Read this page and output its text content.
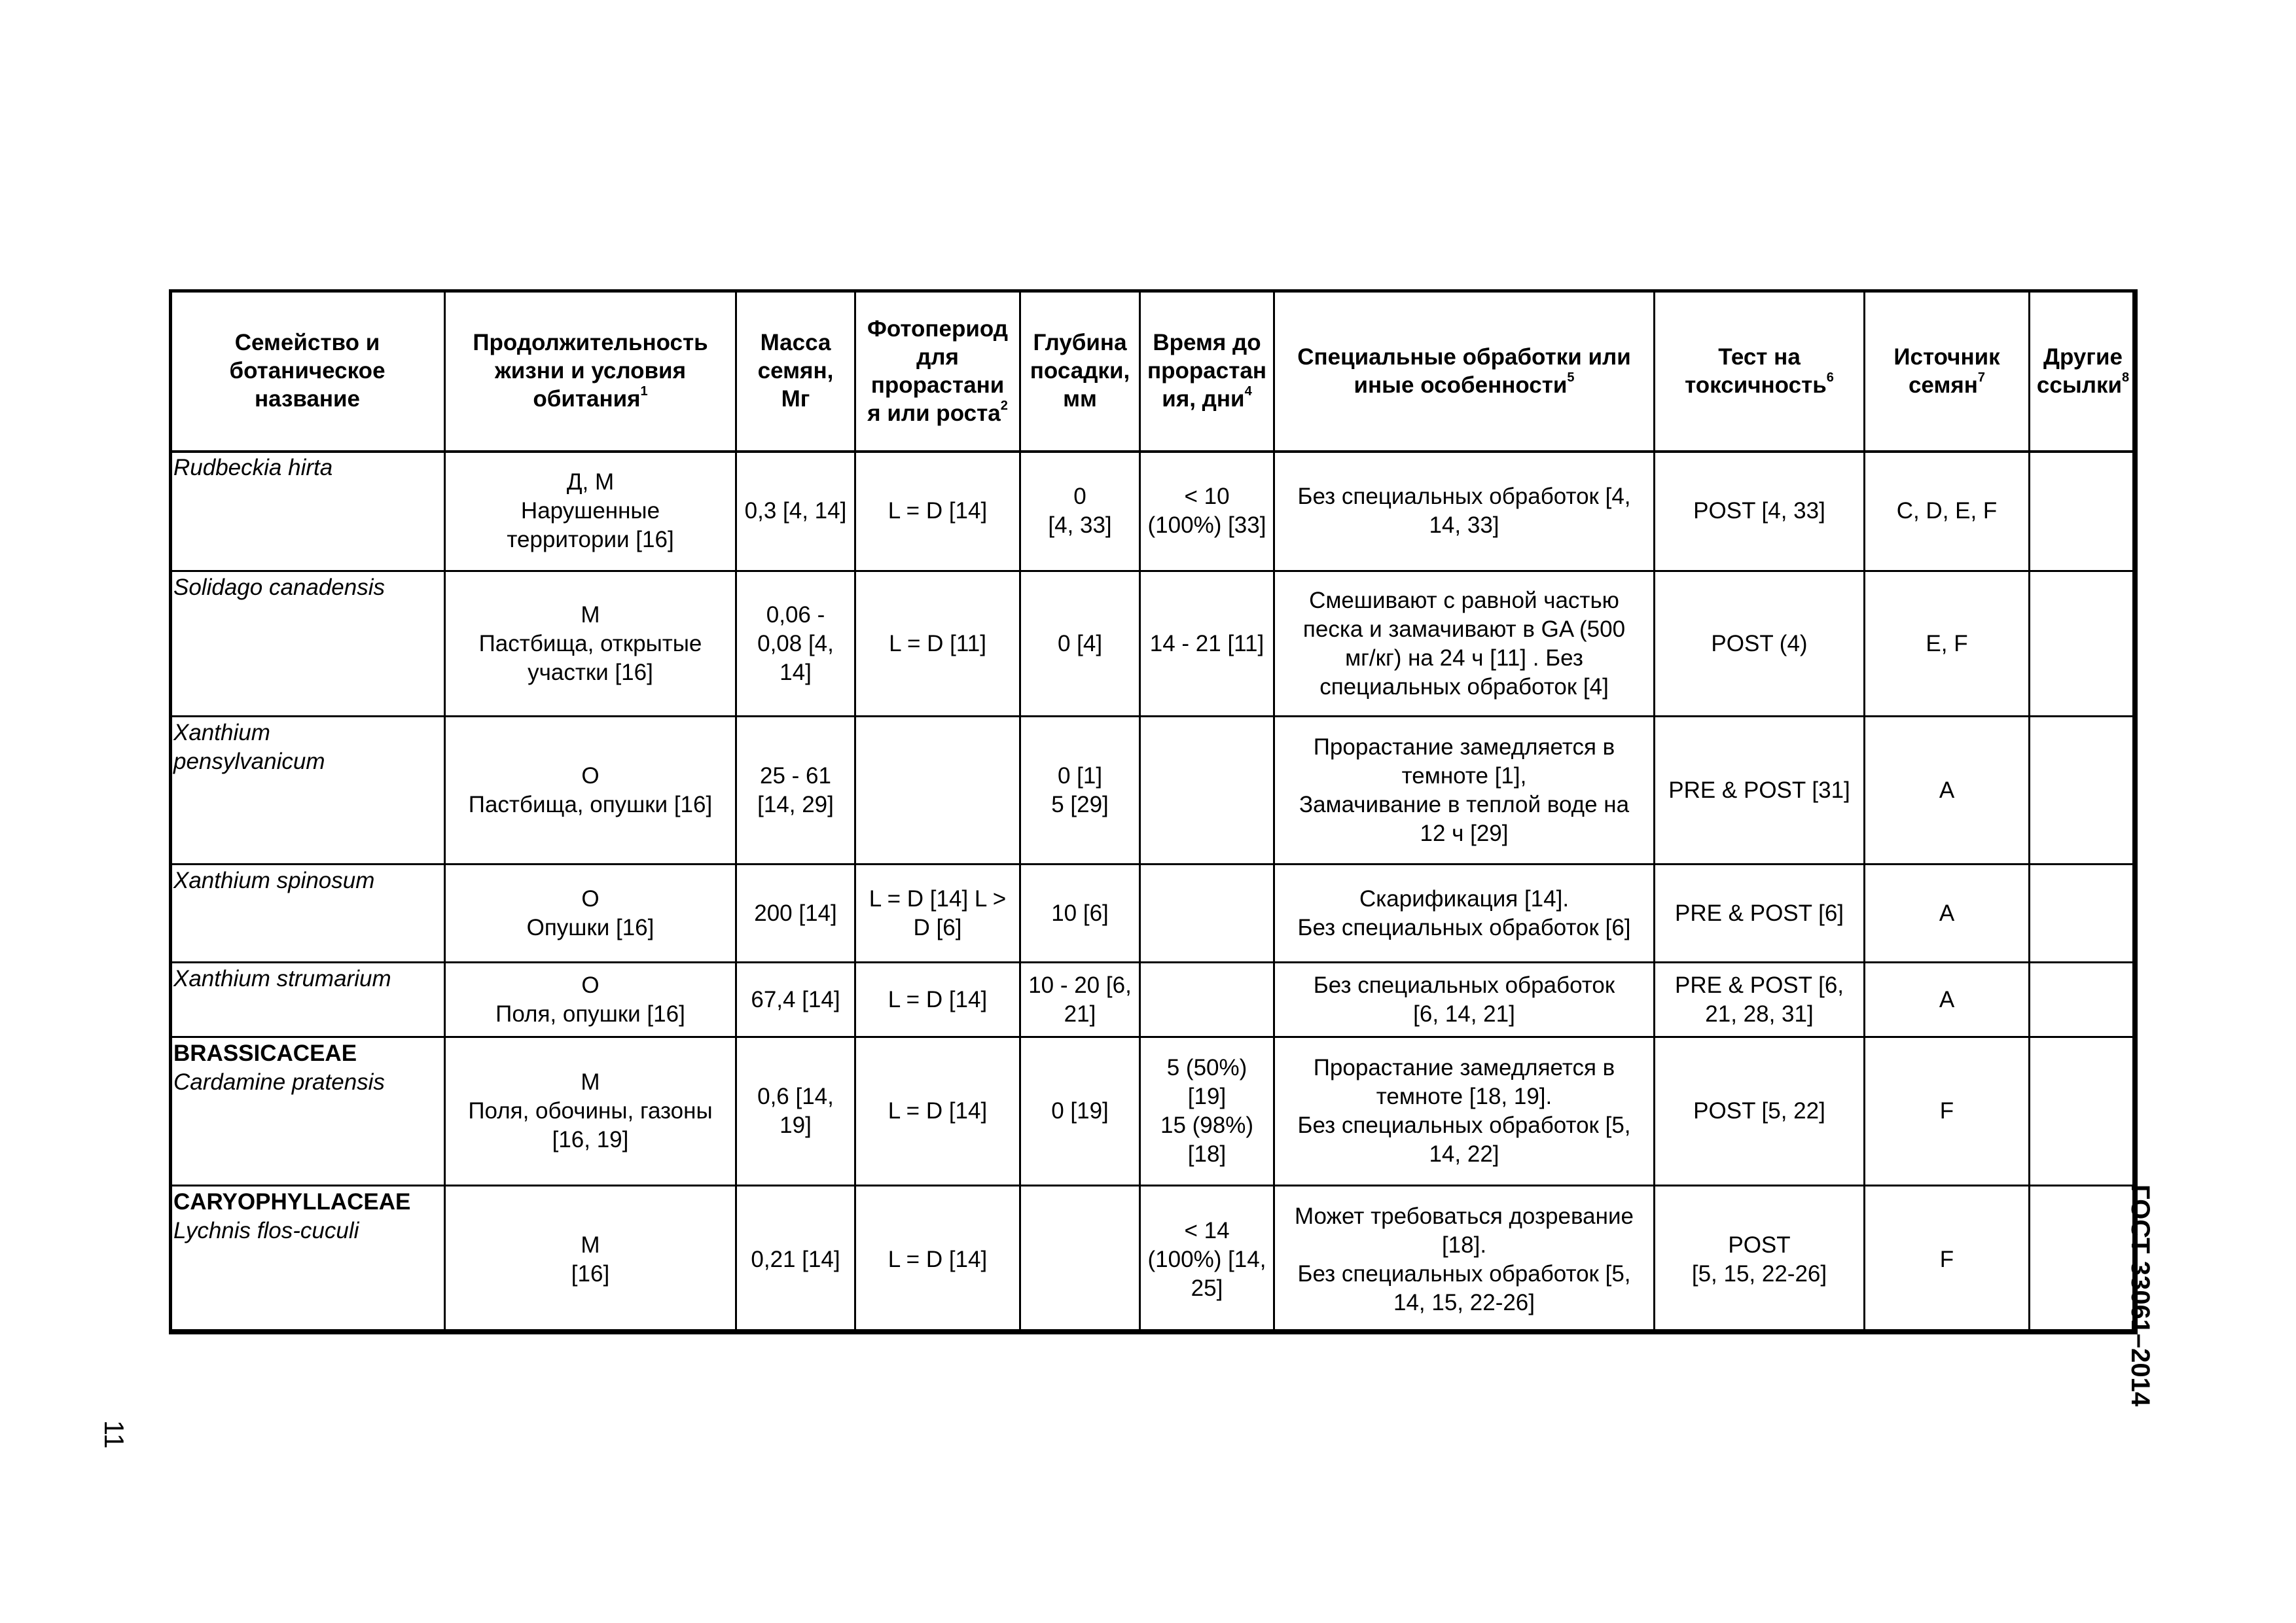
Семейство и
ботаническое
название	Продолжительность
жизни и условия
обитания$^1$	Масса
семян,
Мг	Фотопериод
для
прорастани
я или роста$^2$	Глубина
посадки,
мм	Время до
прорастан
ия, дни$^4$	Специальные обработки или
иные особенности$^5$	Тест на
токсичность$^6$	Источник
семян$^7$	Другие
ссылки$^8$

Rudbeckia hirta	Д, М
Нарушенные
территории [16]	0,3 [4, 14]	L = D [14]	0
[4, 33]	< 10
(100%) [33]	Без специальных обработок [4,
14, 33]	POST [4, 33]	C, D, E, F	

Solidago canadensis	М
Пастбища, открытые
участки [16]	0,06 -
0,08 [4,
14]	L = D [11]	0 [4]	14 - 21 [11]	Смешивают с равной частью
песка и замачивают в GA (500
мг/кг) на 24 ч [11] . Без
специальных обработок [4]	POST (4)	E, F	

Xanthium
pensylvanicum	О
Пастбища, опушки [16]	25 - 61
[14, 29]		0 [1]
5 [29]		Прорастание замедляется в
темноте [1],
Замачивание в теплой воде на
12 ч [29]	PRE & POST [31]	A	

Xanthium spinosum	О
Опушки [16]	200 [14]	L = D [14] L >
D [6]	10 [6]		Скарификация [14].
Без специальных обработок [6]	PRE & POST [6]	A	

Xanthium strumarium	О
Поля, опушки [16]	67,4 [14]	L = D [14]	10 - 20 [6,
21]		Без специальных обработок
[6, 14, 21]	PRE & POST [6,
21, 28, 31]	A	

BRASSICACEAE
Cardamine pratensis	М
Поля, обочины, газоны
[16, 19]	0,6 [14,
19]	L = D [14]	0 [19]	5 (50%)
[19]
15 (98%)
[18]	Прорастание замедляется в
темноте [18, 19].
Без специальных обработок [5,
14, 22]	POST [5, 22]	F	

CARYOPHYLLACEAE
Lychnis flos-cuculi	М
[16]	0,21 [14]	L = D [14]		< 14
(100%) [14,
25]	Может требоваться дозревание
[18].
Без специальных обработок [5,
14, 15, 22-26]	POST
[5, 15, 22-26]	F		ГОСТ 33061–2014
11
